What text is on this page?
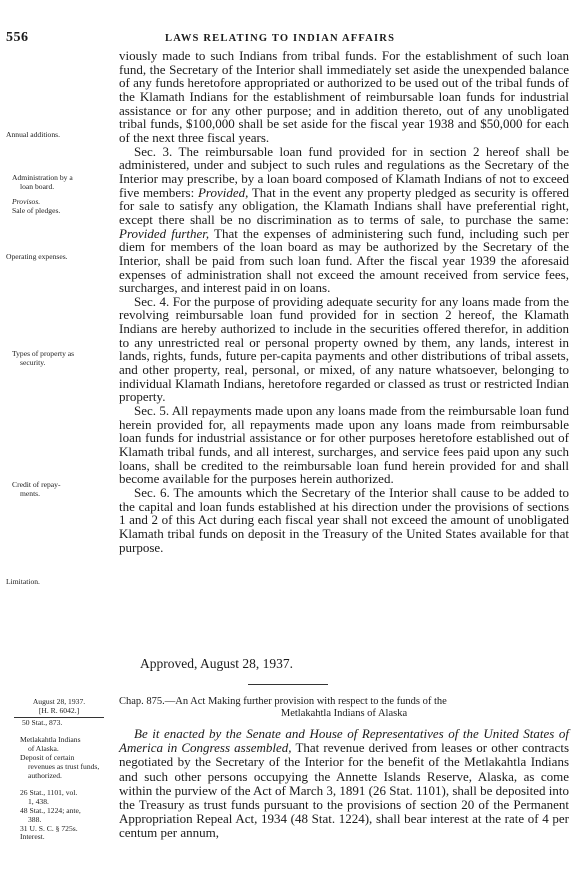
556	LAWS RELATING TO INDIAN AFFAIRS
Annual additions.
Administration by a
loan board.
Provisos.
Sale of pledges.
Operating expenses.
Types of property as
security.
Credit of repay-
ments.
Limitation.

viously made to such Indians from tribal funds. For the establishment of such loan fund, the Secretary of the Interior shall immediately set aside the unexpended balance of any funds heretofore appropriated or authorized to be used out of the tribal funds of the Klamath Indians for the establishment of reimbursable loan funds for industrial assistance or for any other purpose; and in addition thereto, out of any unobligated tribal funds, $100,000 shall be set aside for the fiscal year 1938 and $50,000 for each of the next three fiscal years.

Sec. 3. The reimbursable loan fund provided for in section 2 hereof shall be administered, under and subject to such rules and regulations as the Secretary of the Interior may prescribe, by a loan board composed of Klamath Indians of not to exceed five members: Provided, That in the event any property pledged as security is offered for sale to satisfy any obligation, the Klamath Indians shall have preferential right, except there shall be no discrimination as to terms of sale, to purchase the same: Provided further, That the expenses of administering such fund, including such per diem for members of the loan board as may be authorized by the Secretary of the Interior, shall be paid from such loan fund. After the fiscal year 1939 the aforesaid expenses of administration shall not exceed the amount received from service fees, surcharges, and interest paid in on loans.

Sec. 4. For the purpose of providing adequate security for any loans made from the revolving reimbursable loan fund provided for in section 2 hereof, the Klamath Indians are hereby authorized to include in the securities offered therefor, in addition to any unrestricted real or personal property owned by them, any lands, interest in lands, rights, funds, future per-capita payments and other distributions of tribal assets, and other property, real, personal, or mixed, of any nature whatsoever, belonging to individual Klamath Indians, heretofore regarded or classed as trust or restricted Indian property.

Sec. 5. All repayments made upon any loans made from the reimbursable loan fund herein provided for, all repayments made upon any loans made from reimbursable loan funds for industrial assistance or for other purposes heretofore established out of Klamath tribal funds, and all interest, surcharges, and service fees paid upon any such loans, shall be credited to the reimbursable loan fund herein provided for and shall become available for the purposes herein authorized.

Sec. 6. The amounts which the Secretary of the Interior shall cause to be added to the capital and loan funds established at his direction under the provisions of sections 1 and 2 of this Act during each fiscal year shall not exceed the amount of unobligated Klamath tribal funds on deposit in the Treasury of the United States available for that purpose.

Approved, August 28, 1937.
August 28, 1937.
[H. R. 6042.]
50 Stat., 873.
Metlakahtla Indians
of Alaska.
Deposit of certain
revenues as trust funds,
authorized.
26 Stat., 1101, vol.
1, 438.
48 Stat., 1224; ante,
388.
31 U. S. C. § 725s.
Interest.
Chap. 875.—An Act Making further provision with respect to the funds of the
Metlakahtla Indians of Alaska
Be it enacted by the Senate and House of Representatives of the United States of America in Congress assembled, That revenue derived from leases or other contracts negotiated by the Secretary of the Interior for the benefit of the Metlakahtla Indians and such other persons occupying the Annette Islands Reserve, Alaska, as come within the purview of the Act of March 3, 1891 (26 Stat. 1101), shall be deposited into the Treasury as trust funds pursuant to the provisions of section 20 of the Permanent Appropriation Repeal Act, 1934 (48 Stat. 1224), shall bear interest at the rate of 4 per centum per annum,
